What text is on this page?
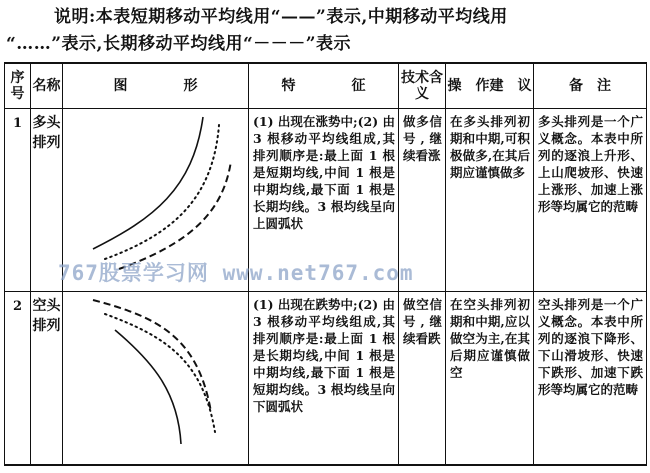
说明:本表短期移动平均线用“——”表示,中期移动平均线用
“……”表示,长期移动平均线用“－－－”表示
序号	名称	图　　　　形	特　　　　征	技术含义	操　作建　议	备　注
1	多头排列		(1) 出现在涨势中;(2) 由 3 根移动平均线组成,其排列顺序是:最上面 1 根是短期均线,中间 1 根是中期均线,最下面 1 根是长期均线。3 根均线呈向上圆弧状	做多信号,继续看涨	在多头排列初期和中期,可积极做多,在其后期应谨慎做多	多头排列是一个广义概念。本表中所列的逐浪上升形、上山爬坡形、快速上涨形、加速上涨形等均属它的范畴
2	空头排列		(1) 出现在跌势中;(2) 由 3 根移动平均线组成,其排列顺序是:最上面 1 根是长期均线,中间 1 根是中期均线,最下面 1 根是短期均线。3 根均线呈向下圆弧状	做空信号,继续看跌	在空头排列初期和中期,应以做空为主,在其后期应谨慎做空	空头排列是一个广义概念。本表中所列的逐浪下降形、下山滑坡形、快速下跌形、加速下跌形等均属它的范畴
767股票学习网 www.net767.com
